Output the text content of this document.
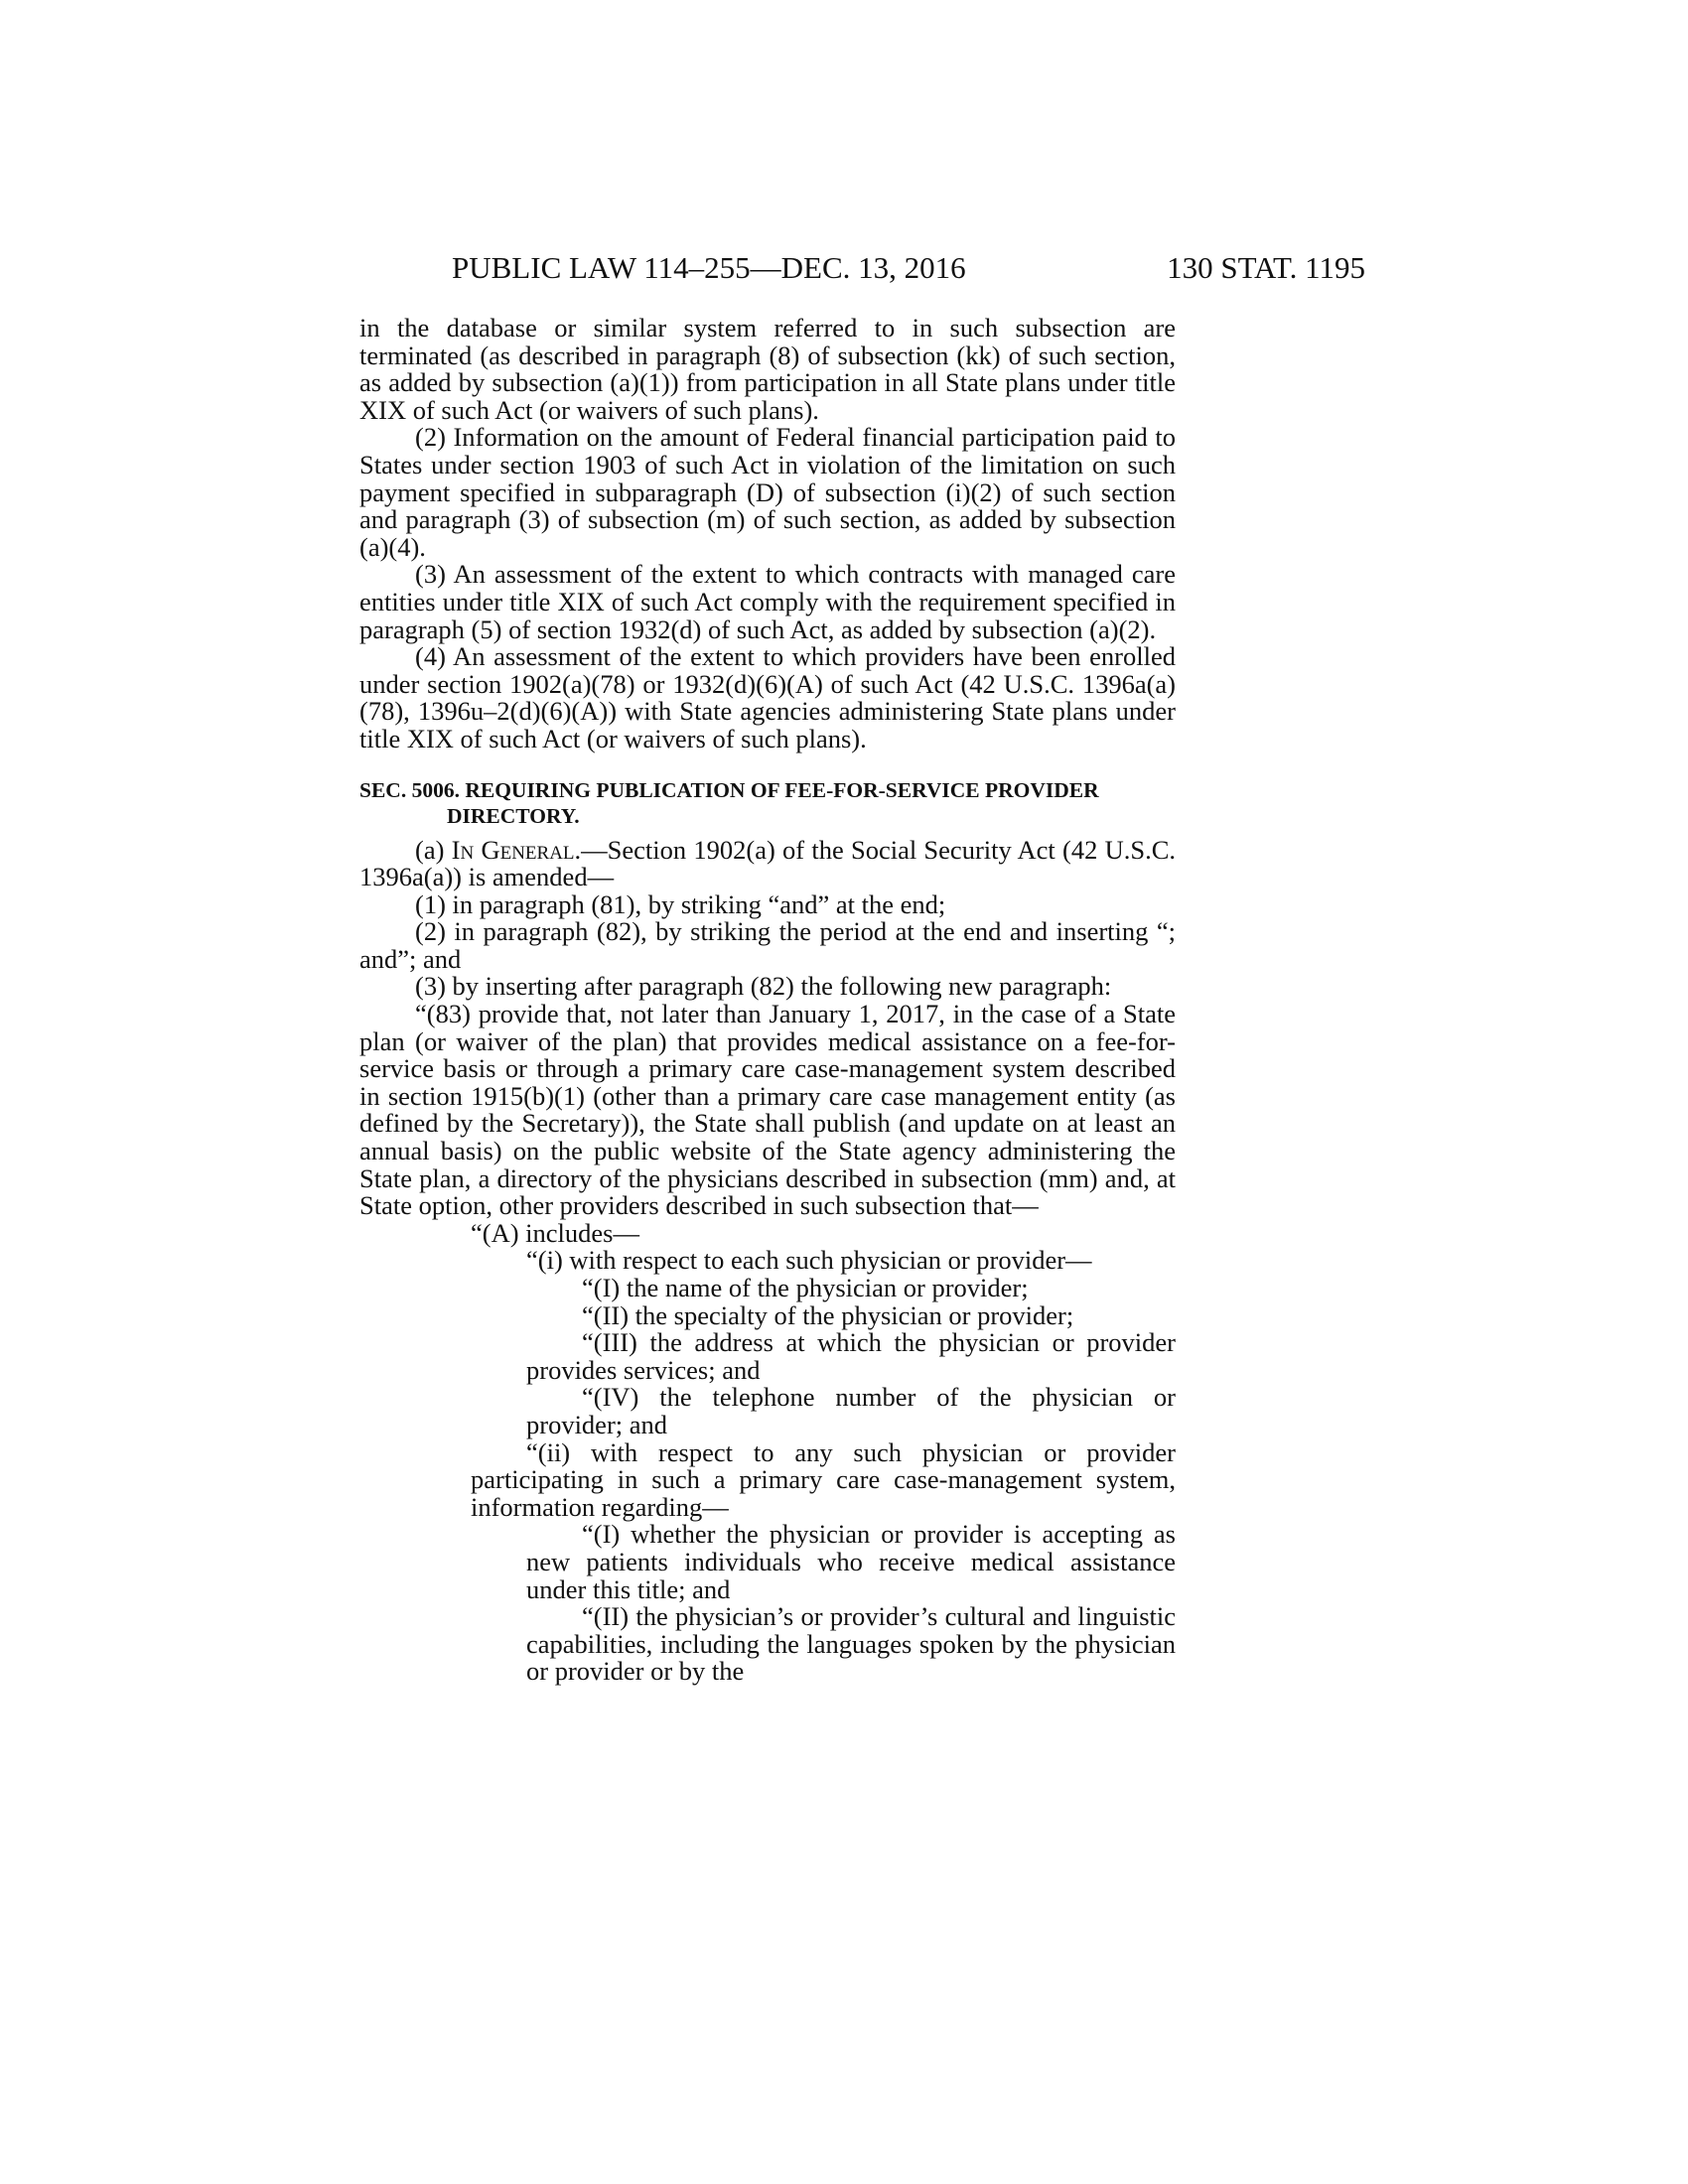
PUBLIC LAW 114–255—DEC. 13, 2016	130 STAT. 1195

in the database or similar system referred to in such subsection are terminated (as described in paragraph (8) of subsection (kk) of such section, as added by subsection (a)(1)) from participation in all State plans under title XIX of such Act (or waivers of such plans).

(2) Information on the amount of Federal financial participation paid to States under section 1903 of such Act in violation of the limitation on such payment specified in subparagraph (D) of subsection (i)(2) of such section and paragraph (3) of subsection (m) of such section, as added by subsection (a)(4).

(3) An assessment of the extent to which contracts with managed care entities under title XIX of such Act comply with the requirement specified in paragraph (5) of section 1932(d) of such Act, as added by subsection (a)(2).

(4) An assessment of the extent to which providers have been enrolled under section 1902(a)(78) or 1932(d)(6)(A) of such Act (42 U.S.C. 1396a(a)(78), 1396u–2(d)(6)(A)) with State agencies administering State plans under title XIX of such Act (or waivers of such plans).

SEC. 5006. REQUIRING PUBLICATION OF FEE-FOR-SERVICE PROVIDER
DIRECTORY.

(a) In General.—Section 1902(a) of the Social Security Act (42 U.S.C. 1396a(a)) is amended—

(1) in paragraph (81), by striking “and” at the end;

(2) in paragraph (82), by striking the period at the end and inserting “; and”; and

(3) by inserting after paragraph (82) the following new paragraph:

“(83) provide that, not later than January 1, 2017, in the case of a State plan (or waiver of the plan) that provides medical assistance on a fee-for-service basis or through a primary care case-management system described in section 1915(b)(1) (other than a primary care case management entity (as defined by the Secretary)), the State shall publish (and update on at least an annual basis) on the public website of the State agency administering the State plan, a directory of the physicians described in subsection (mm) and, at State option, other providers described in such subsection that—

“(A) includes—

“(i) with respect to each such physician or provider—

“(I) the name of the physician or provider;

“(II) the specialty of the physician or provider;

“(III) the address at which the physician or provider provides services; and

“(IV) the telephone number of the physician or provider; and

“(ii) with respect to any such physician or provider participating in such a primary care case-management system, information regarding—

“(I) whether the physician or provider is accepting as new patients individuals who receive medical assistance under this title; and

“(II) the physician’s or provider’s cultural and linguistic capabilities, including the languages spoken by the physician or provider or by the
